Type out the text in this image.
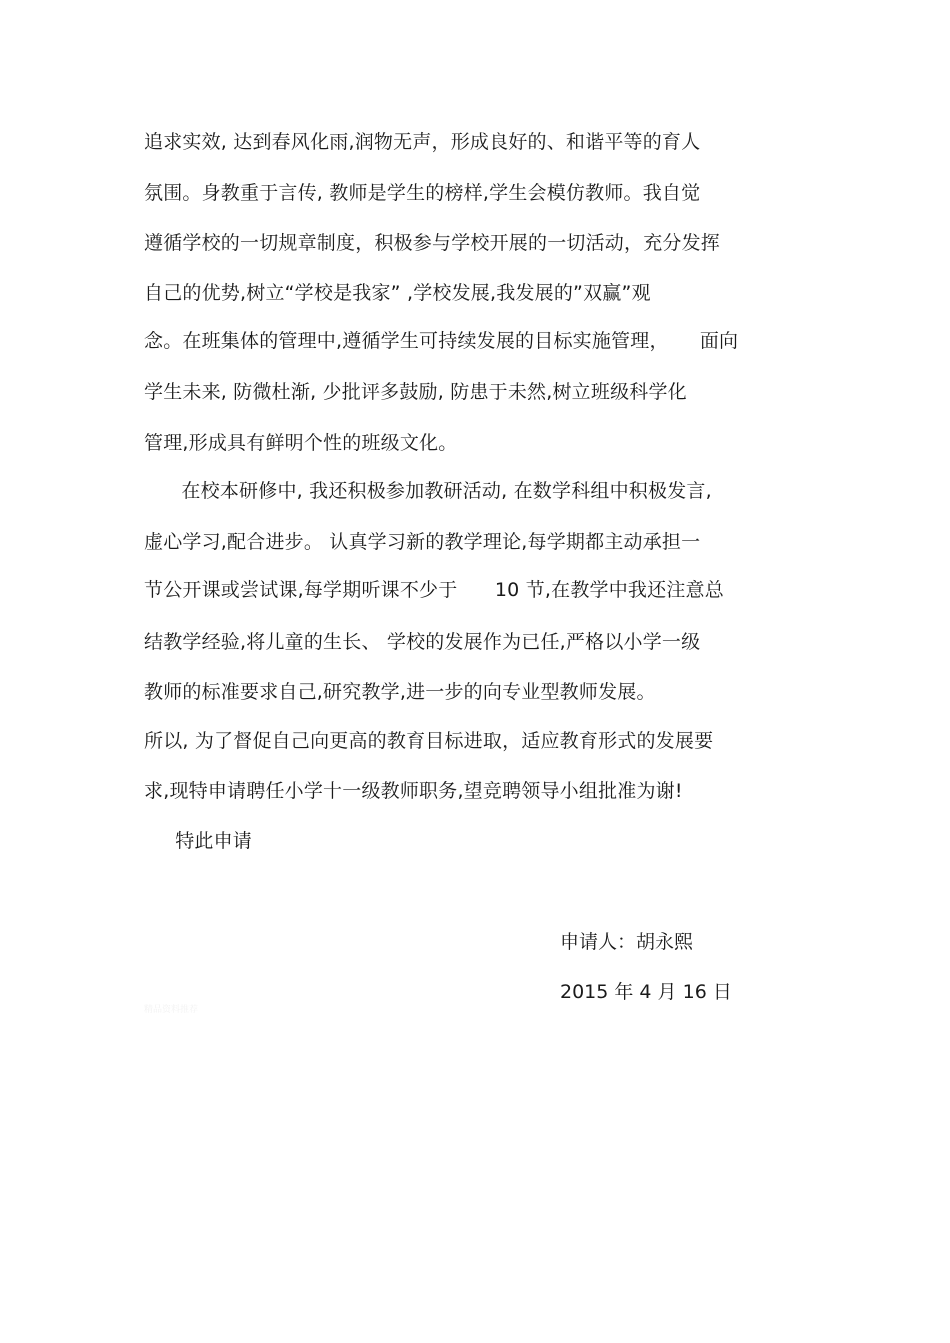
追求实效, 达到春风化雨,润物无声，形成良好的、和谐平等的育人
氛围。身教重于言传, 教师是学生的榜样,学生会模仿教师。我自觉
遵循学校的一切规章制度，积极参与学校开展的一切活动，充分发挥
自己的优势,树立“学校是我家” ,学校发展,我发展的”双赢”观
念。在班集体的管理中,遵循学生可持续发展的目标实施管理，     面向
学生未来, 防微杜渐, 少批评多鼓励, 防患于未然,树立班级科学化
管理,形成具有鲜明个性的班级文化。
在校本研修中, 我还积极参加教研活动, 在数学科组中积极发言,
虚心学习,配合进步。 认真学习新的教学理论,每学期都主动承担一
节公开课或尝试课,每学期听课不少于      10 节,在教学中我还注意总
结教学经验,将儿童的生长、 学校的发展作为已任,严格以小学一级
教师的标准要求自己,研究教学,进一步的向专业型教师发展。
所以, 为了督促自己向更高的教育目标进取，适应教育形式的发展要
求,现特申请聘任小学十一级教师职务,望竞聘领导小组批准为谢!
特此申请
申请人：胡永熙
2015 年 4 月 16 日
精品资料推荐
